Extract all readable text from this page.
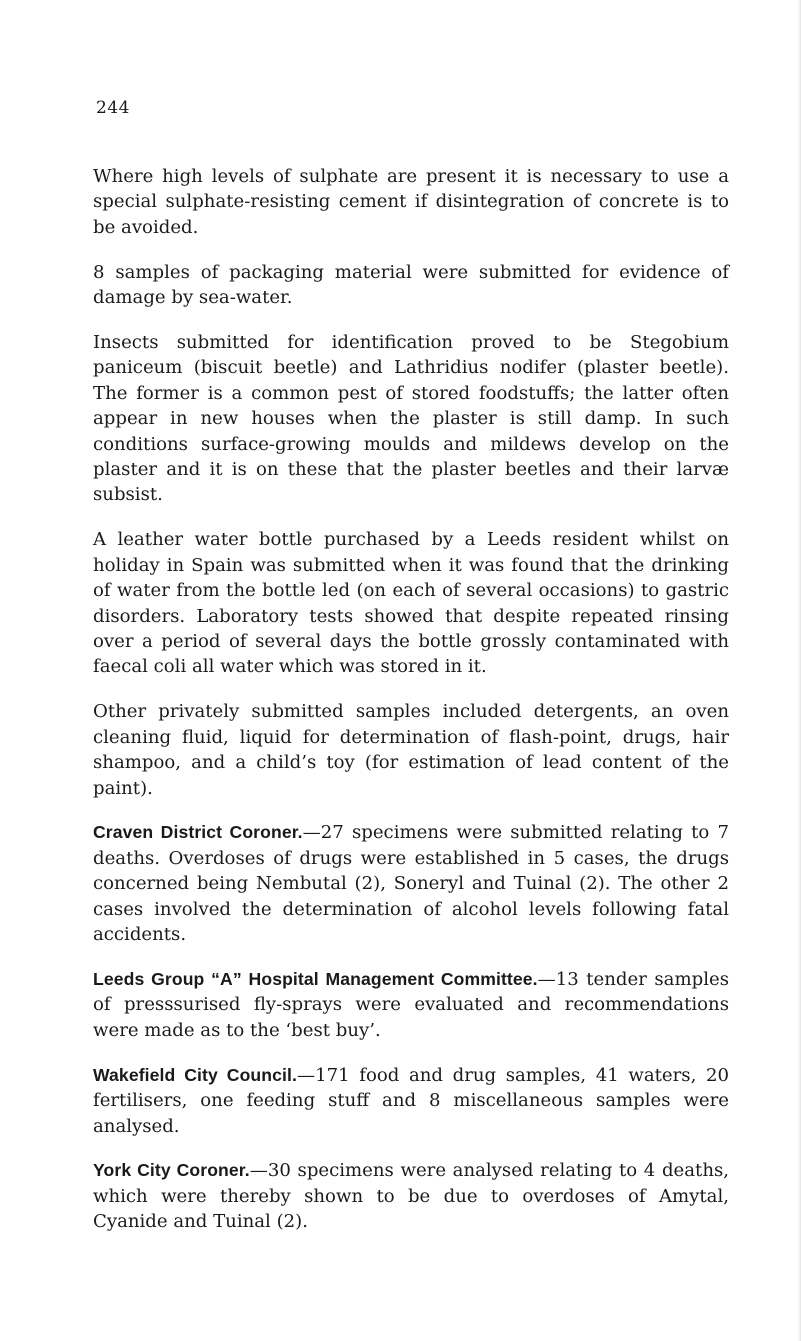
244

Where high levels of sulphate are present it is necessary to use a special sulphate-resisting cement if disintegration of concrete is to be avoided.

8 samples of packaging material were submitted for evidence of damage by sea-water.

Insects submitted for identification proved to be Stegobium paniceum (biscuit beetle) and Lathridius nodifer (plaster beetle). The former is a common pest of stored foodstuffs; the latter often appear in new houses when the plaster is still damp. In such conditions surface-growing moulds and mildews develop on the plaster and it is on these that the plaster beetles and their larvæ subsist.

A leather water bottle purchased by a Leeds resident whilst on holiday in Spain was submitted when it was found that the drinking of water from the bottle led (on each of several occasions) to gastric disorders. Laboratory tests showed that despite repeated rinsing over a period of several days the bottle grossly contaminated with faecal coli all water which was stored in it.

Other privately submitted samples included detergents, an oven cleaning fluid, liquid for determination of flash-point, drugs, hair shampoo, and a child’s toy (for estimation of lead content of the paint).

Craven District Coroner.—27 specimens were submitted relating to 7 deaths. Overdoses of drugs were established in 5 cases, the drugs concerned being Nembutal (2), Soneryl and Tuinal (2). The other 2 cases involved the determination of alcohol levels following fatal accidents.

Leeds Group “A” Hospital Management Committee.—13 tender samples of presssurised fly-sprays were evaluated and recommendations were made as to the ‘best buy’.

Wakefield City Council.—171 food and drug samples, 41 waters, 20 fertilisers, one feeding stuff and 8 miscellaneous samples were analysed.

York City Coroner.—30 specimens were analysed relating to 4 deaths, which were thereby shown to be due to overdoses of Amytal, Cyanide and Tuinal (2).
